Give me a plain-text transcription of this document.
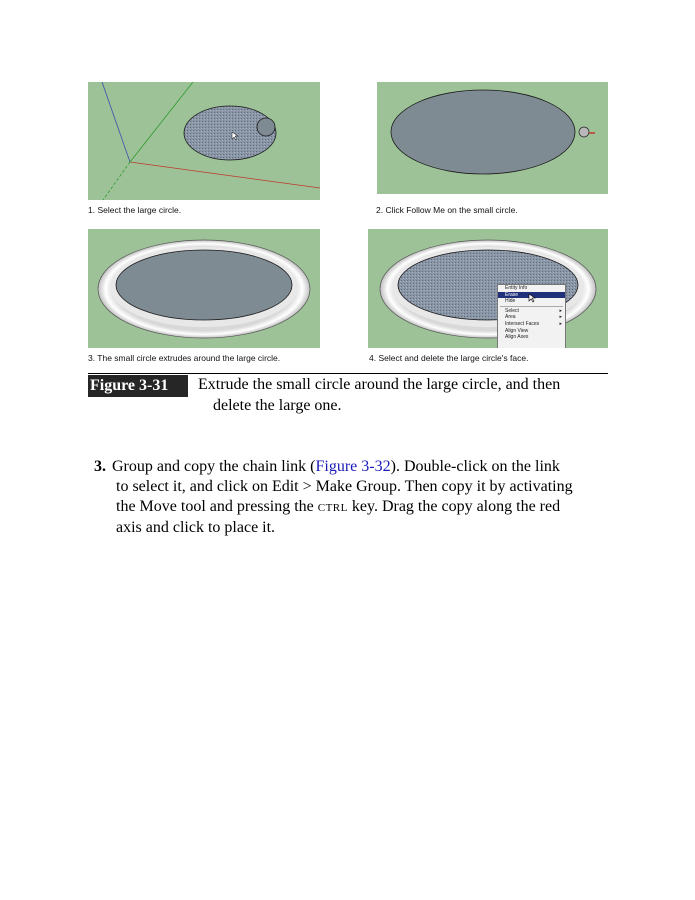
1. Select the large circle.	2. Click Follow Me on the small circle.
3. The small circle extrudes around the large circle.
Entity Info
Erase
Hide
Select	▸
Area	▸
Intersect Faces	▸
Align View
Align Axes
4. Select and delete the large circle's face.
Figure 3-31	Extrude the small circle around the large circle, and then
delete the large one.
3. Group and copy the chain link (Figure 3-32). Double-click on the link
to select it, and click on Edit > Make Group. Then copy it by activating
the Move tool and pressing the CTRL key. Drag the copy along the red
axis and click to place it.
